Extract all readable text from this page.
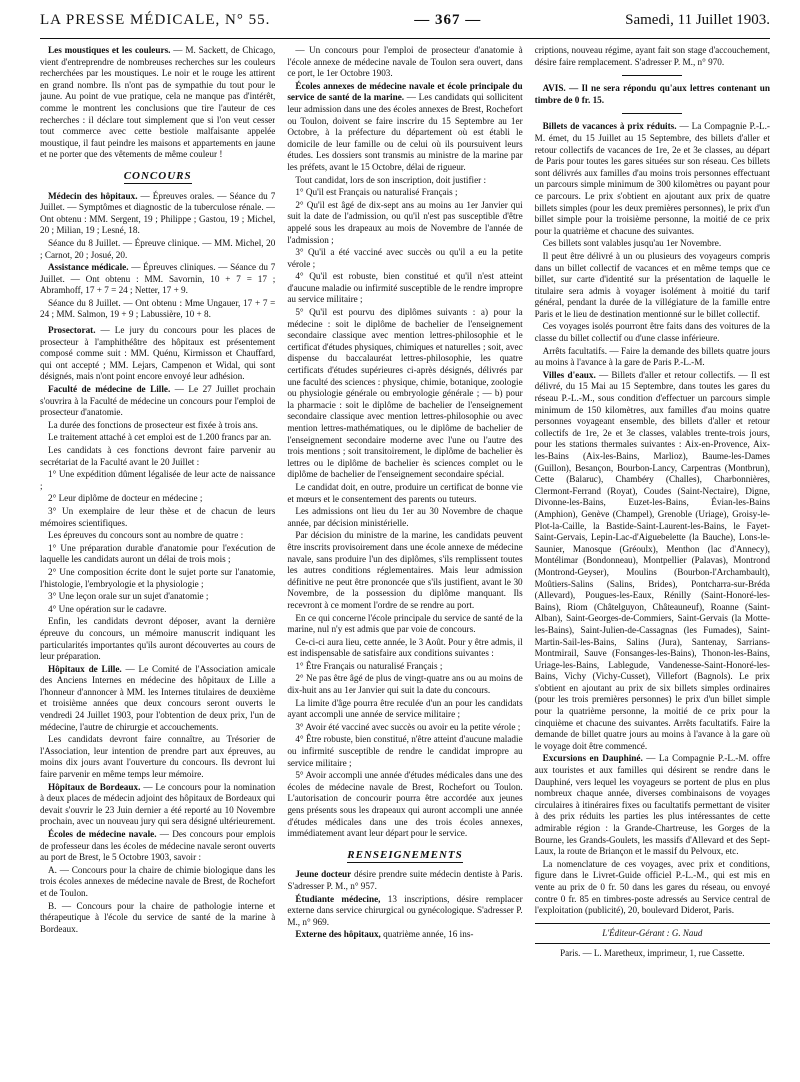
LA PRESSE MÉDICALE, N° 55.	— 367 —	Samedi, 11 Juillet 1903.

Les moustiques et les couleurs. — M. Sackett, de Chicago, vient d'entreprendre de nombreuses recherches sur les couleurs recherchées par les moustiques. Le noir et le rouge les attirent en grand nombre. Ils n'ont pas de sympathie du tout pour le jaune. Au point de vue pratique, cela ne manque pas d'intérêt, comme le montrent les conclusions que tire l'auteur de ces recherches : il déclare tout simplement que si l'on veut cesser tout commerce avec cette bestiole malfaisante appelée moustique, il faut peindre les maisons et appartements en jaune et ne porter que des vêtements de même couleur !

CONCOURS

Médecin des hôpitaux. — Épreuves orales. — Séance du 7 Juillet. — Symptômes et diagnostic de la tuberculose rénale. — Ont obtenu : MM. Sergent, 19 ; Philippe ; Gastou, 19 ; Michel, 20 ; Milian, 19 ; Lesné, 18.

Séance du 8 Juillet. — Épreuve clinique. — MM. Michel, 20 ; Carnot, 20 ; Josué, 20.

Assistance médicale. — Épreuves cliniques. — Séance du 7 Juillet. — Ont obtenu : MM. Savornin, 10 + 7 = 17 ; Abramhoff, 17 + 7 = 24 ; Netter, 17 + 9.

Séance du 8 Juillet. — Ont obtenu : Mme Ungauer, 17 + 7 = 24 ; MM. Salmon, 19 + 9 ; Labussière, 10 + 8.

Prosectorat. — Le jury du concours pour les places de prosecteur à l'amphithéâtre des hôpitaux est présentement composé comme suit : MM. Quénu, Kirmisson et Chauffard, qui ont accepté ; MM. Lejars, Campenon et Widal, qui sont désignés, mais n'ont point encore envoyé leur adhésion.

Faculté de médecine de Lille. — Le 27 Juillet prochain s'ouvrira à la Faculté de médecine un concours pour l'emploi de prosecteur d'anatomie.

La durée des fonctions de prosecteur est fixée à trois ans.

Le traitement attaché à cet emploi est de 1.200 francs par an.

Les candidats à ces fonctions devront faire parvenir au secrétariat de la Faculté avant le 20 Juillet :

1° Une expédition dûment légalisée de leur acte de naissance ;

2° Leur diplôme de docteur en médecine ;

3° Un exemplaire de leur thèse et de chacun de leurs mémoires scientifiques.

Les épreuves du concours sont au nombre de quatre :

1° Une préparation durable d'anatomie pour l'exécution de laquelle les candidats auront un délai de trois mois ;

2° Une composition écrite dont le sujet porte sur l'anatomie, l'histologie, l'embryologie et la physiologie ;

3° Une leçon orale sur un sujet d'anatomie ;

4° Une opération sur le cadavre.

Enfin, les candidats devront déposer, avant la dernière épreuve du concours, un mémoire manuscrit indiquant les particularités importantes qu'ils auront découvertes au cours de leur préparation.

Hôpitaux de Lille. — Le Comité de l'Association amicale des Anciens Internes en médecine des hôpitaux de Lille a l'honneur d'annoncer à MM. les Internes titulaires de deuxième et troisième années que deux concours seront ouverts le vendredi 24 Juillet 1903, pour l'obtention de deux prix, l'un de médecine, l'autre de chirurgie et accouchements.

Les candidats devront faire connaître, au Trésorier de l'Association, leur intention de prendre part aux épreuves, au moins dix jours avant l'ouverture du concours. Ils devront lui faire parvenir en même temps leur mémoire.

Hôpitaux de Bordeaux. — Le concours pour la nomination à deux places de médecin adjoint des hôpitaux de Bordeaux qui devait s'ouvrir le 23 Juin dernier a été reporté au 10 Novembre prochain, avec un nouveau jury qui sera désigné ultérieurement.

Écoles de médecine navale. — Des concours pour emplois de professeur dans les écoles de médecine navale seront ouverts au port de Brest, le 5 Octobre 1903, savoir :

A. — Concours pour la chaire de chimie biologique dans les trois écoles annexes de médecine navale de Brest, de Rochefort et de Toulon.

B. — Concours pour la chaire de pathologie interne et thérapeutique à l'école du service de santé de la marine à Bordeaux.

— Un concours pour l'emploi de prosecteur d'anatomie à l'école annexe de médecine navale de Toulon sera ouvert, dans ce port, le 1er Octobre 1903.

Écoles annexes de médecine navale et école principale du service de santé de la marine. — Les candidats qui sollicitent leur admission dans une des écoles annexes de Brest, Rochefort ou Toulon, doivent se faire inscrire du 15 Septembre au 1er Octobre, à la préfecture du département où est établi le domicile de leur famille ou de celui où ils poursuivent leurs études. Les dossiers sont transmis au ministre de la marine par les préfets, avant le 15 Octobre, délai de rigueur.

Tout candidat, lors de son inscription, doit justifier :

1° Qu'il est Français ou naturalisé Français ;

2° Qu'il est âgé de dix-sept ans au moins au 1er Janvier qui suit la date de l'admission, ou qu'il n'est pas susceptible d'être appelé sous les drapeaux au mois de Novembre de l'année de l'admission ;

3° Qu'il a été vacciné avec succès ou qu'il a eu la petite vérole ;

4° Qu'il est robuste, bien constitué et qu'il n'est atteint d'aucune maladie ou infirmité susceptible de le rendre impropre au service militaire ;

5° Qu'il est pourvu des diplômes suivants : a) pour la médecine : soit le diplôme de bachelier de l'enseignement secondaire classique avec mention lettres-philosophie et le certificat d'études physiques, chimiques et naturelles ; soit, avec dispense du baccalauréat lettres-philosophie, les quatre certificats d'études supérieures ci-après désignés, délivrés par une faculté des sciences : physique, chimie, botanique, zoologie ou physiologie générale ou embryologie générale ; — b) pour la pharmacie : soit le diplôme de bachelier de l'enseignement secondaire classique avec mention lettres-philosophie ou avec mention lettres-mathématiques, ou le diplôme de bachelier de l'enseignement secondaire moderne avec l'une ou l'autre des trois mentions ; soit transitoirement, le diplôme de bachelier ès lettres ou le diplôme de bachelier ès sciences complet ou le diplôme de bachelier de l'enseignement secondaire spécial.

Le candidat doit, en outre, produire un certificat de bonne vie et mœurs et le consentement des parents ou tuteurs.

Les admissions ont lieu du 1er au 30 Novembre de chaque année, par décision ministérielle.

Par décision du ministre de la marine, les candidats peuvent être inscrits provisoirement dans une école annexe de médecine navale, sans produire l'un des diplômes, s'ils remplissent toutes les autres conditions réglementaires. Mais leur admission définitive ne peut être prononcée que s'ils justifient, avant le 30 Novembre, de la possession du diplôme manquant. Ils recevront à ce moment l'ordre de se rendre au port.

En ce qui concerne l'école principale du service de santé de la marine, nul n'y est admis que par voie de concours.

Ce-ci-ci aura lieu, cette année, le 3 Août. Pour y être admis, il est indispensable de satisfaire aux conditions suivantes :

1° Être Français ou naturalisé Français ;

2° Ne pas être âgé de plus de vingt-quatre ans ou au moins de dix-huit ans au 1er Janvier qui suit la date du concours.

La limite d'âge pourra être reculée d'un an pour les candidats ayant accompli une année de service militaire ;

3° Avoir été vacciné avec succès ou avoir eu la petite vérole ;

4° Être robuste, bien constitué, n'être atteint d'aucune maladie ou infirmité susceptible de rendre le candidat impropre au service militaire ;

5° Avoir accompli une année d'études médicales dans une des écoles de médecine navale de Brest, Rochefort ou Toulon. L'autorisation de concourir pourra être accordée aux jeunes gens présents sous les drapeaux qui auront accompli une année d'études médicales dans une des trois écoles annexes, immédiatement avant leur départ pour le service.

RENSEIGNEMENTS

Jeune docteur désire prendre suite médecin dentiste à Paris. S'adresser P. M., n° 957.

Étudiante médecine, 13 inscriptions, désire remplacer externe dans service chirurgical ou gynécologique. S'adresser P. M., n° 969.

Externe des hôpitaux, quatrième année, 16 ins-

criptions, nouveau régime, ayant fait son stage d'accouchement, désire faire remplacement. S'adresser P. M., n° 970.

AVIS. — Il ne sera répondu qu'aux lettres contenant un timbre de 0 fr. 15.

Billets de vacances à prix réduits. — La Compagnie P.-L.-M. émet, du 15 Juillet au 15 Septembre, des billets d'aller et retour collectifs de vacances de 1re, 2e et 3e classes, au départ de Paris pour toutes les gares situées sur son réseau. Ces billets sont délivrés aux familles d'au moins trois personnes effectuant un parcours simple minimum de 300 kilomètres ou payant pour ce parcours. Le prix s'obtient en ajoutant aux prix de quatre billets simples (pour les deux premières personnes), le prix d'un billet simple pour la troisième personne, la moitié de ce prix pour la quatrième et chacune des suivantes.

Ces billets sont valables jusqu'au 1er Novembre.

Il peut être délivré à un ou plusieurs des voyageurs compris dans un billet collectif de vacances et en même temps que ce billet, sur carte d'identité sur la présentation de laquelle le titulaire sera admis à voyager isolément à moitié du tarif général, pendant la durée de la villégiature de la famille entre Paris et le lieu de destination mentionné sur le billet collectif.

Ces voyages isolés pourront être faits dans des voitures de la classe du billet collectif ou d'une classe inférieure.

Arrêts facultatifs. — Faire la demande des billets quatre jours au moins à l'avance à la gare de Paris P.-L.-M.

Villes d'eaux. — Billets d'aller et retour collectifs. — Il est délivré, du 15 Mai au 15 Septembre, dans toutes les gares du réseau P.-L.-M., sous condition d'effectuer un parcours simple minimum de 150 kilomètres, aux familles d'au moins quatre personnes voyageant ensemble, des billets d'aller et retour collectifs de 1re, 2e et 3e classes, valables trente-trois jours, pour les stations thermales suivantes : Aix-en-Provence, Aix-les-Bains (Aix-les-Bains, Marlioz), Baume-les-Dames (Guillon), Besançon, Bourbon-Lancy, Carpentras (Montbrun), Cette (Balaruc), Chambéry (Challes), Charbonnières, Clermont-Ferrand (Royat), Coudes (Saint-Nectaire), Digne, Divonne-les-Bains, Euzet-les-Bains, Évian-les-Bains (Amphion), Genève (Champel), Grenoble (Uriage), Groisy-le-Plot-la-Caille, la Bastide-Saint-Laurent-les-Bains, le Fayet-Saint-Gervais, Lepin-Lac-d'Aiguebelette (la Bauche), Lons-le-Saunier, Manosque (Gréoulx), Menthon (lac d'Annecy), Montélimar (Bondonneau), Montpellier (Palavas), Montrond (Montrond-Geyser), Moulins (Bourbon-l'Archambault), Moûtiers-Salins (Salins, Brides), Pontcharra-sur-Bréda (Allevard), Pougues-les-Eaux, Rénilly (Saint-Honoré-les-Bains), Riom (Châtelguyon, Châteauneuf), Roanne (Saint-Alban), Saint-Georges-de-Commiers, Saint-Gervais (la Motte-les-Bains), Saint-Julien-de-Cassagnas (les Fumades), Saint-Martin-Sail-les-Bains, Salins (Jura), Santenay, Sarrians-Montmirail, Sauve (Fonsanges-les-Bains), Thonon-les-Bains, Uriage-les-Bains, Lablegude, Vandenesse-Saint-Honoré-les-Bains, Vichy (Vichy-Cusset), Villefort (Bagnols). Le prix s'obtient en ajoutant au prix de six billets simples ordinaires (pour les trois premières personnes) le prix d'un billet simple pour la quatrième personne, la moitié de ce prix pour la cinquième et chacune des suivantes. Arrêts facultatifs. Faire la demande de billet quatre jours au moins à l'avance à la gare où le voyage doit être commencé.

Excursions en Dauphiné. — La Compagnie P.-L.-M. offre aux touristes et aux familles qui désirent se rendre dans le Dauphiné, vers lequel les voyageurs se portent de plus en plus nombreux chaque année, diverses combinaisons de voyages circulaires à itinéraires fixes ou facultatifs permettant de visiter à des prix réduits les parties les plus intéressantes de cette admirable région : la Grande-Chartreuse, les Gorges de la Bourne, les Grands-Goulets, les massifs d'Allevard et des Sept-Laux, la route de Briançon et le massif du Pelvoux, etc.

La nomenclature de ces voyages, avec prix et conditions, figure dans le Livret-Guide officiel P.-L.-M., qui est mis en vente au prix de 0 fr. 50 dans les gares du réseau, ou envoyé contre 0 fr. 85 en timbres-poste adressés au Service central de l'exploitation (publicité), 20, boulevard Diderot, Paris.

L'Éditeur-Gérant : G. Naud
Paris. — L. Maretheux, imprimeur, 1, rue Cassette.
